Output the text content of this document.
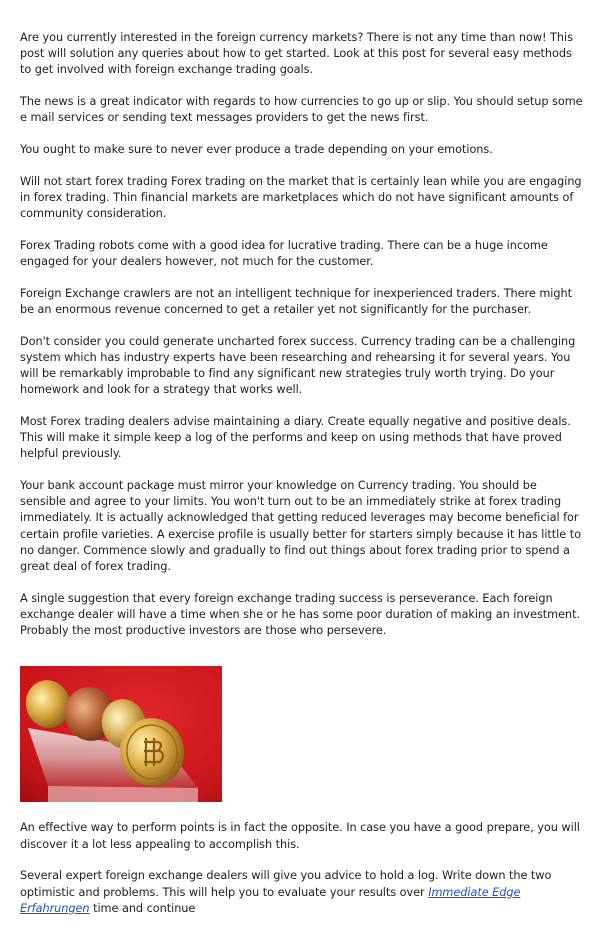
Are you currently interested in the foreign currency markets? There is not any time than now! This post will solution any queries about how to get started. Look at this post for several easy methods to get involved with foreign exchange trading goals.

The news is a great indicator with regards to how currencies to go up or slip. You should setup some e mail services or sending text messages providers to get the news first.

You ought to make sure to never ever produce a trade depending on your emotions.

Will not start forex trading Forex trading on the market that is certainly lean while you are engaging in forex trading. Thin financial markets are marketplaces which do not have significant amounts of community consideration.

Forex Trading robots come with a good idea for lucrative trading. There can be a huge income engaged for your dealers however, not much for the customer.

Foreign Exchange crawlers are not an intelligent technique for inexperienced traders. There might be an enormous revenue concerned to get a retailer yet not significantly for the purchaser.

Don't consider you could generate uncharted forex success. Currency trading can be a challenging system which has industry experts have been researching and rehearsing it for several years. You will be remarkably improbable to find any significant new strategies truly worth trying. Do your homework and look for a strategy that works well.

Most Forex trading dealers advise maintaining a diary. Create equally negative and positive deals. This will make it simple keep a log of the performs and keep on using methods that have proved helpful previously.

Your bank account package must mirror your knowledge on Currency trading. You should be sensible and agree to your limits. You won't turn out to be an immediately strike at forex trading immediately. It is actually acknowledged that getting reduced leverages may become beneficial for certain profile varieties. A exercise profile is usually better for starters simply because it has little to no danger. Commence slowly and gradually to find out things about forex trading prior to spend a great deal of forex trading.

A single suggestion that every foreign exchange trading success is perseverance. Each foreign exchange dealer will have a time when she or he has some poor duration of making an investment. Probably the most productive investors are those who persevere.

An effective way to perform points is in fact the opposite. In case you have a good prepare, you will discover it a lot less appealing to accomplish this.

Several expert foreign exchange dealers will give you advice to hold a log. Write down the two optimistic and problems. This will help you to evaluate your results over Immediate Edge Erfahrungen time and continue
